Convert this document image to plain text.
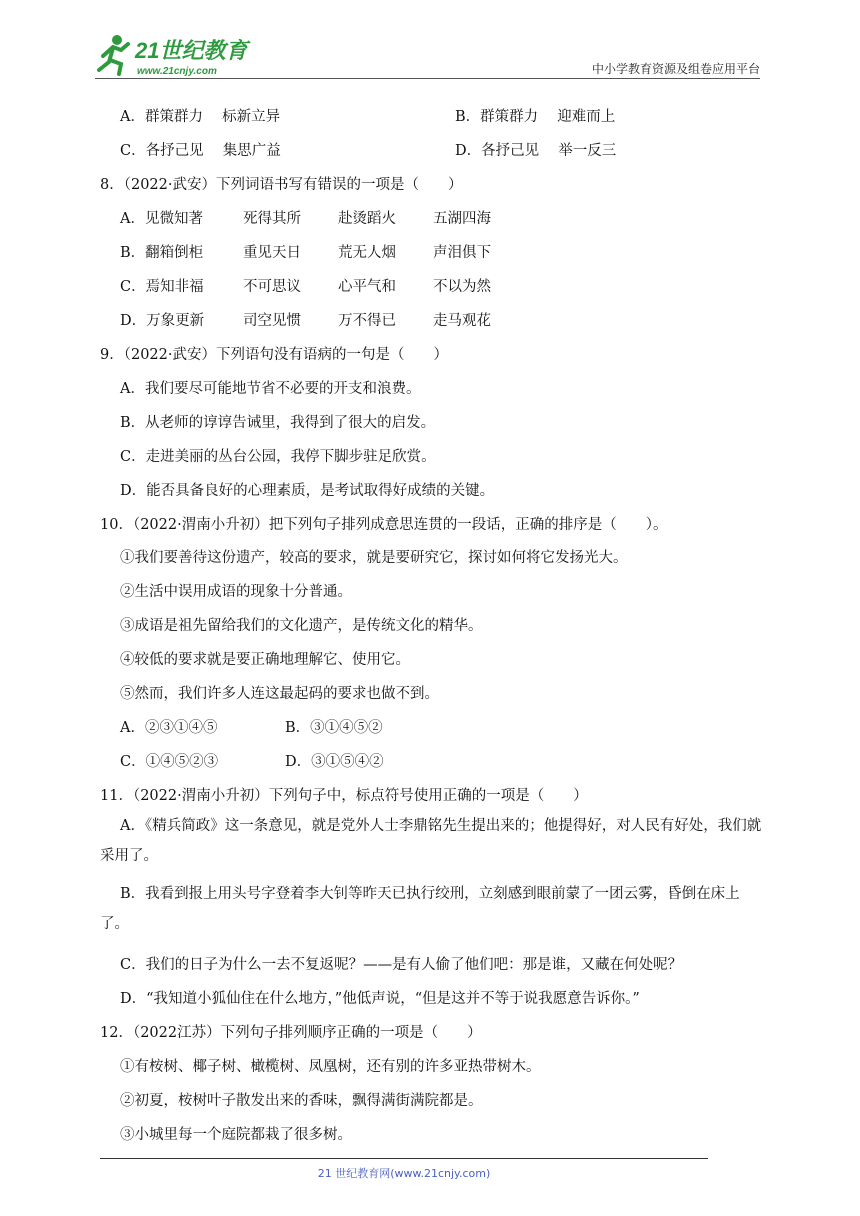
21世纪教育
www.21cnjy.com	中小学教育资源及组卷应用平台
A．群策群力　 标新立异	B．群策群力　 迎难而上
C．各抒己见　 集思广益	D．各抒己见　 举一反三
8．（2022·武安）下列词语书写有错误的一项是（　　）
A．见微知著	死得其所	赴烫蹈火	五湖四海
B．翻箱倒柜	重见天日	荒无人烟	声泪俱下
C．焉知非福	不可思议	心平气和	不以为然
D．万象更新	司空见惯	万不得已	走马观花
9．（2022·武安）下列语句没有语病的一句是（　　）
A．我们要尽可能地节省不必要的开支和浪费。
B．从老师的谆谆告诫里，我得到了很大的启发。
C．走进美丽的丛台公园，我停下脚步驻足欣赏。
D．能否具备良好的心理素质，是考试取得好成绩的关键。
10．（2022·渭南小升初）把下列句子排列成意思连贯的一段话，正确的排序是（　　）。
①我们要善待这份遗产，较高的要求，就是要研究它，探讨如何将它发扬光大。
②生活中误用成语的现象十分普通。
③成语是祖先留给我们的文化遗产，是传统文化的精华。
④较低的要求就是要正确地理解它、使用它。
⑤然而，我们许多人连这最起码的要求也做不到。
A．②③①④⑤	B．③①④⑤②
C．①④⑤②③	D．③①⑤④②
11．（2022·渭南小升初）下列句子中，标点符号使用正确的一项是（　　）
A．《精兵简政》这一条意见，就是党外人士李鼎铭先生提出来的；他提得好，对人民有好处，我们就采用了。
B．我看到报上用头号字登着李大钊等昨天已执行绞刑，立刻感到眼前蒙了一团云雾，昏倒在床上了。
C．我们的日子为什么一去不复返呢？——是有人偷了他们吧：那是谁，又藏在何处呢？
D．“我知道小狐仙住在什么地方，”他低声说，“但是这并不等于说我愿意告诉你。”
12．（2022江苏）下列句子排列顺序正确的一项是（　　）
①有桉树、椰子树、橄榄树、凤凰树，还有别的许多亚热带树木。
②初夏，桉树叶子散发出来的香味，飘得满街满院都是。
③小城里每一个庭院都栽了很多树。
21 世纪教育网(www.21cnjy.com)
